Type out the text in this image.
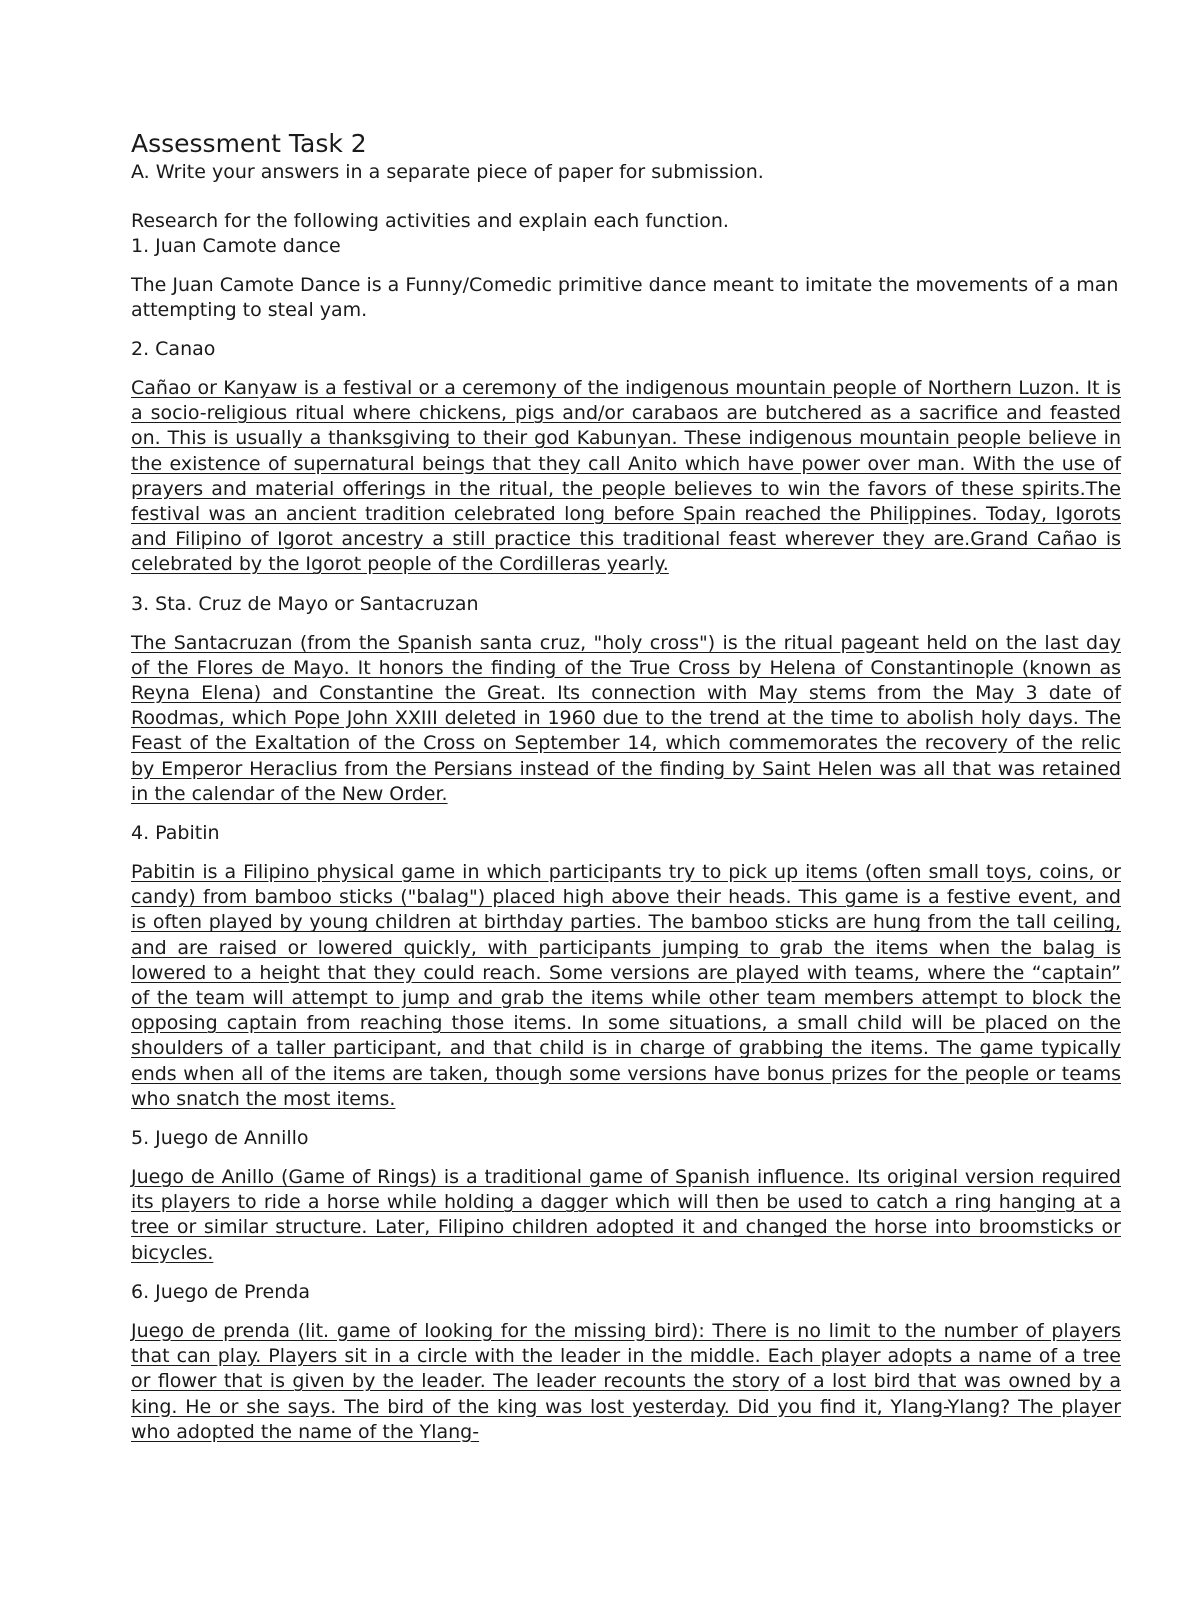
Assessment Task 2

A. Write your answers in a separate piece of paper for submission.

Research for the following activities and explain each function.

1. Juan Camote dance

The Juan Camote Dance is a Funny/Comedic primitive dance meant to imitate the movements of a man attempting to steal yam.

2. Canao

Cañao or Kanyaw is a festival or a ceremony of the indigenous mountain people of Northern Luzon. It is a socio-religious ritual where chickens, pigs and/or carabaos are butchered as a sacrifice and feasted on. This is usually a thanksgiving to their god Kabunyan. These indigenous mountain people believe in the existence of supernatural beings that they call Anito which have power over man. With the use of prayers and material offerings in the ritual, the people believes to win the favors of these spirits.The festival was an ancient tradition celebrated long before Spain reached the Philippines. Today, Igorots and Filipino of Igorot ancestry a still practice this traditional feast wherever they are.Grand Cañao is celebrated by the Igorot people of the Cordilleras yearly.

3. Sta. Cruz de Mayo or Santacruzan

The Santacruzan (from the Spanish santa cruz, "holy cross") is the ritual pageant held on the last day of the Flores de Mayo. It honors the finding of the True Cross by Helena of Constantinople (known as Reyna Elena) and Constantine the Great. Its connection with May stems from the May 3 date of Roodmas, which Pope John XXIII deleted in 1960 due to the trend at the time to abolish holy days. The Feast of the Exaltation of the Cross on September 14, which commemorates the recovery of the relic by Emperor Heraclius from the Persians instead of the finding by Saint Helen was all that was retained in the calendar of the New Order.

4. Pabitin

Pabitin is a Filipino physical game in which participants try to pick up items (often small toys, coins, or candy) from bamboo sticks ("balag") placed high above their heads. This game is a festive event, and is often played by young children at birthday parties. The bamboo sticks are hung from the tall ceiling, and are raised or lowered quickly, with participants jumping to grab the items when the balag is lowered to a height that they could reach. Some versions are played with teams, where the “captain” of the team will attempt to jump and grab the items while other team members attempt to block the opposing captain from reaching those items. In some situations, a small child will be placed on the shoulders of a taller participant, and that child is in charge of grabbing the items. The game typically ends when all of the items are taken, though some versions have bonus prizes for the people or teams who snatch the most items.

5. Juego de Annillo

Juego de Anillo (Game of Rings) is a traditional game of Spanish influence. Its original version required its players to ride a horse while holding a dagger which will then be used to catch a ring hanging at a tree or similar structure. Later, Filipino children adopted it and changed the horse into broomsticks or bicycles.

6. Juego de Prenda

Juego de prenda (lit. game of looking for the missing bird): There is no limit to the number of players that can play. Players sit in a circle with the leader in the middle. Each player adopts a name of a tree or flower that is given by the leader. The leader recounts the story of a lost bird that was owned by a king. He or she says. The bird of the king was lost yesterday. Did you find it, Ylang-Ylang? The player who adopted the name of the Ylang-
